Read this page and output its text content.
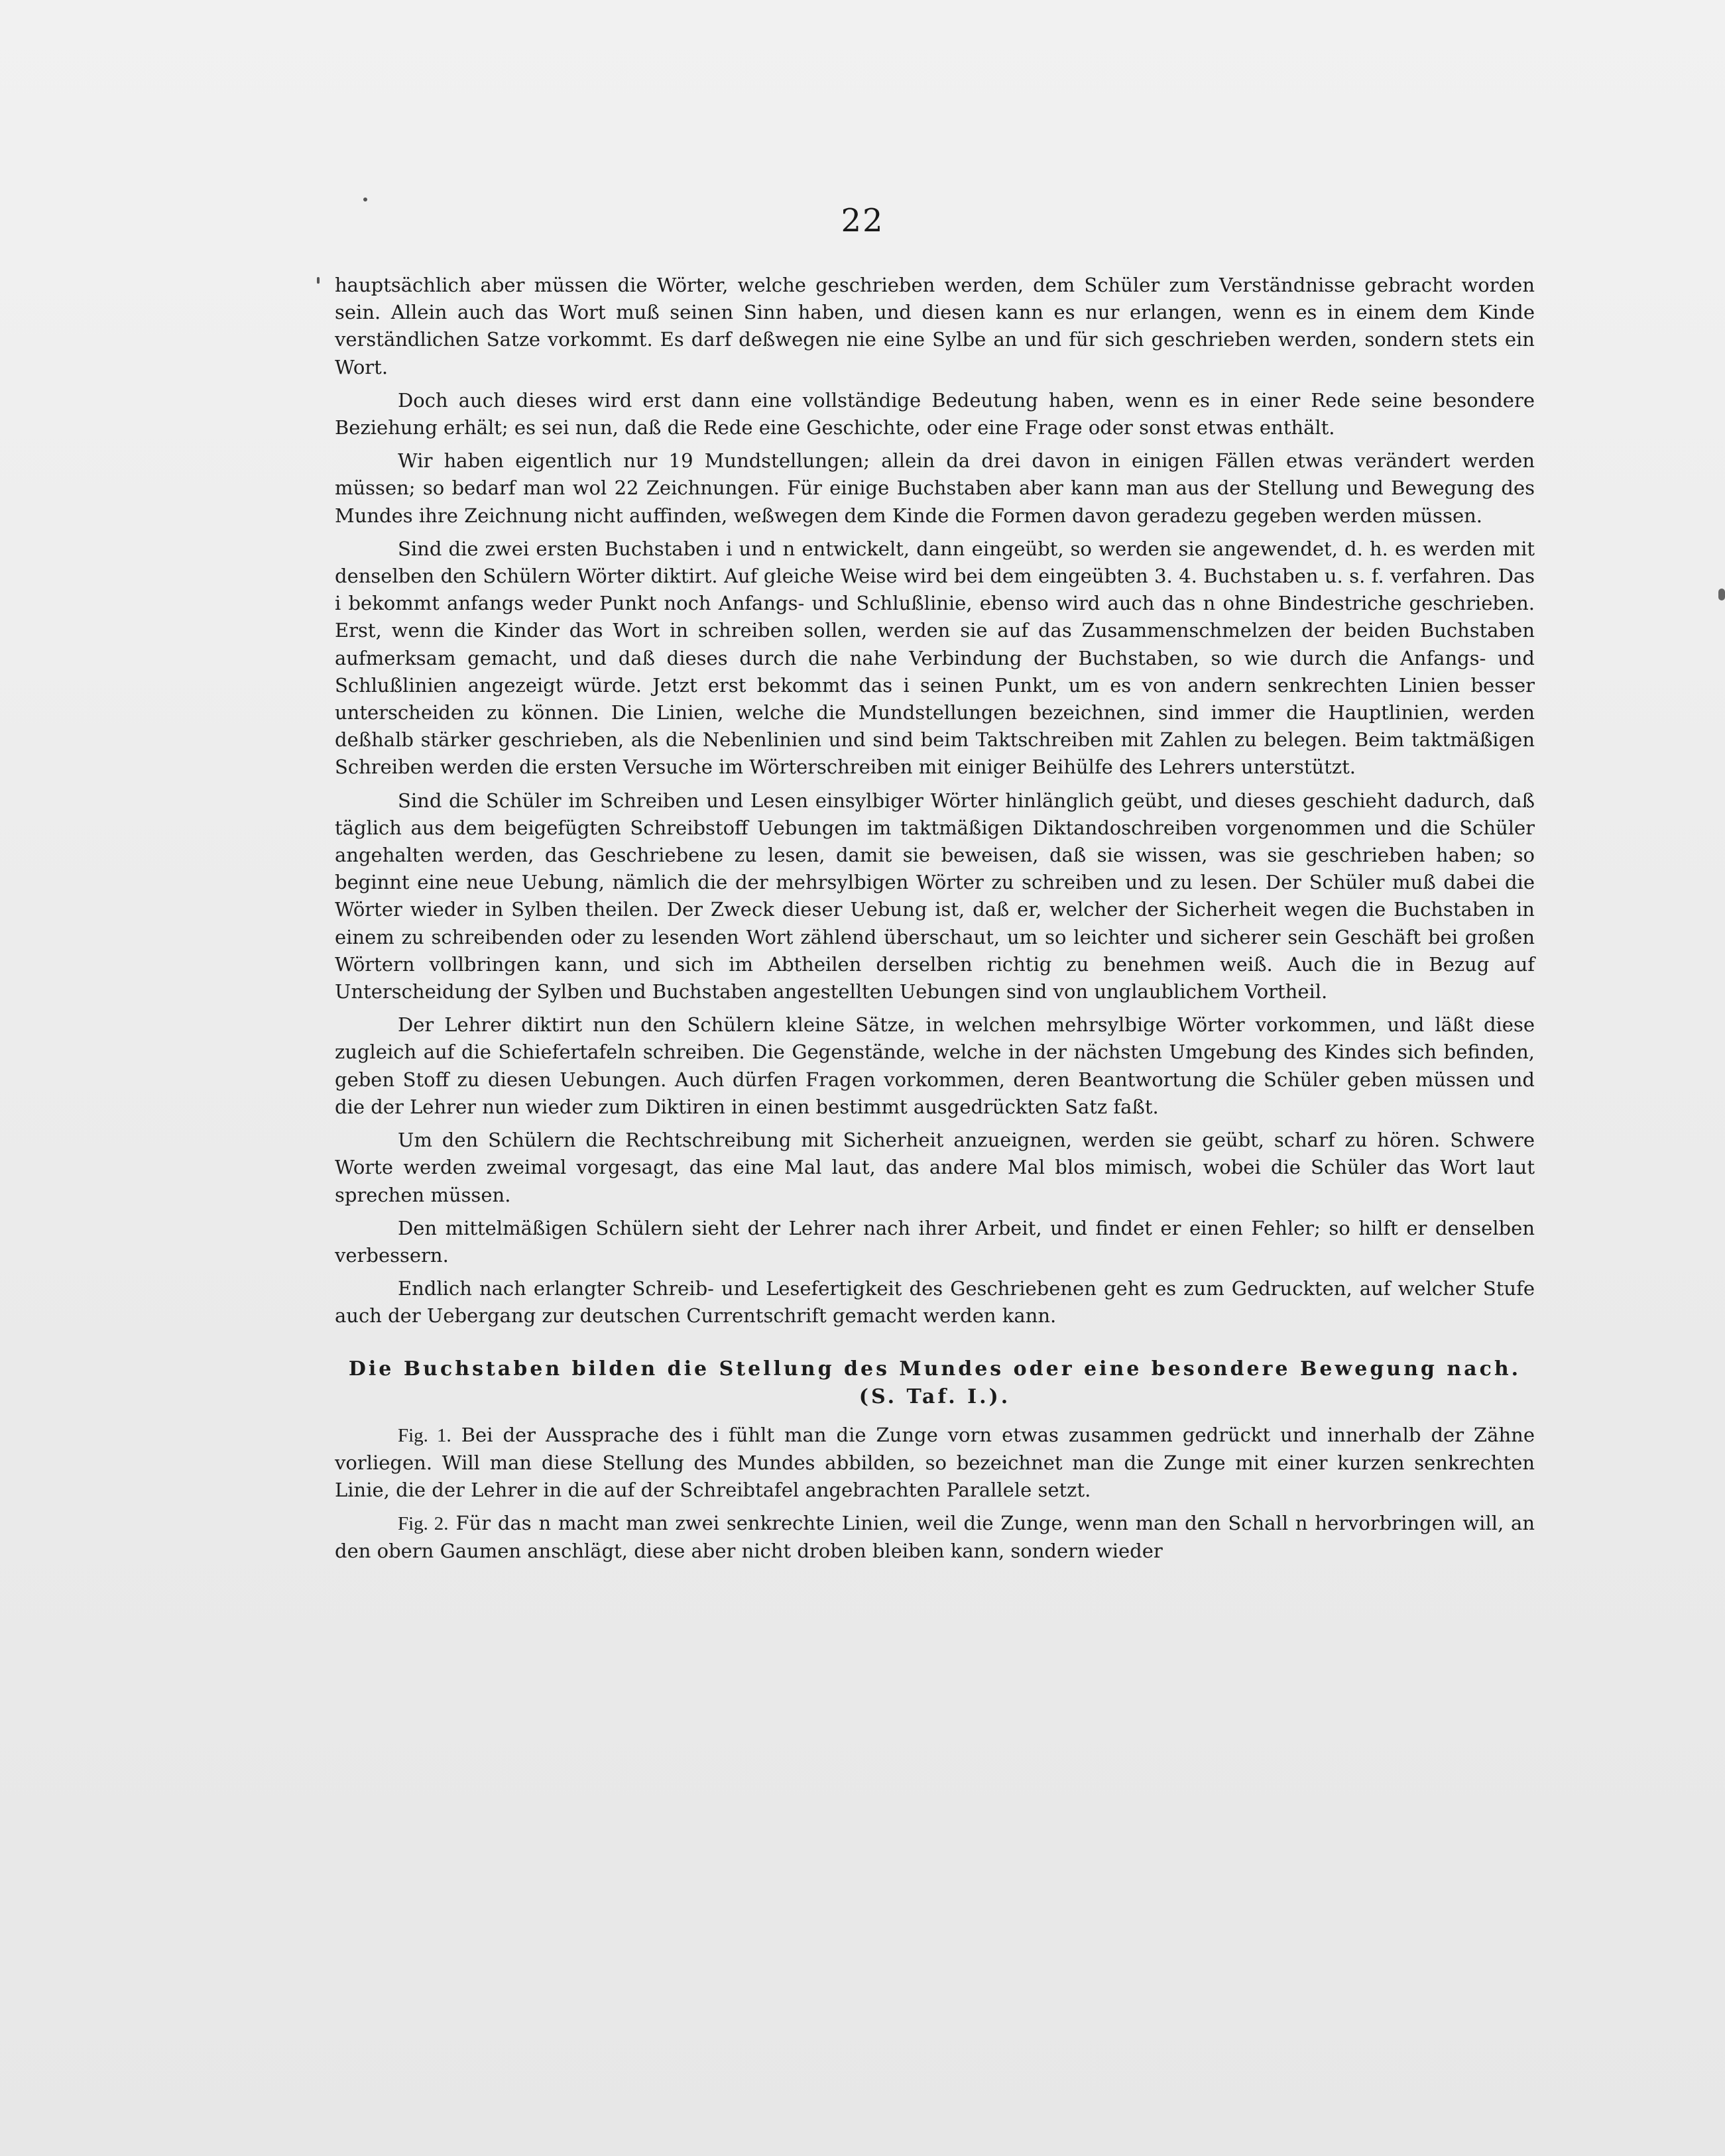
22

hauptsächlich aber müssen die Wörter, welche geschrieben werden, dem Schüler zum Verständnisse gebracht worden sein. Allein auch das Wort muß seinen Sinn haben, und diesen kann es nur erlangen, wenn es in einem dem Kinde verständlichen Satze vorkommt. Es darf deßwegen nie eine Sylbe an und für sich geschrieben werden, sondern stets ein Wort.

Doch auch dieses wird erst dann eine vollständige Bedeutung haben, wenn es in einer Rede seine besondere Beziehung erhält; es sei nun, daß die Rede eine Geschichte, oder eine Frage oder sonst etwas enthält.

Wir haben eigentlich nur 19 Mundstellungen; allein da drei davon in einigen Fällen etwas verändert werden müssen; so bedarf man wol 22 Zeichnungen. Für einige Buchstaben aber kann man aus der Stellung und Bewegung des Mundes ihre Zeichnung nicht auffinden, weßwegen dem Kinde die Formen davon geradezu gegeben werden müssen.

Sind die zwei ersten Buchstaben i und n entwickelt, dann eingeübt, so werden sie angewendet, d. h. es werden mit denselben den Schülern Wörter diktirt. Auf gleiche Weise wird bei dem eingeübten 3. 4. Buchstaben u. s. f. verfahren. Das i bekommt anfangs weder Punkt noch Anfangs- und Schlußlinie, ebenso wird auch das n ohne Bindestriche geschrieben. Erst, wenn die Kinder das Wort in schreiben sollen, werden sie auf das Zusammenschmelzen der beiden Buchstaben aufmerksam gemacht, und daß dieses durch die nahe Verbindung der Buchstaben, so wie durch die Anfangs- und Schlußlinien angezeigt würde. Jetzt erst bekommt das i seinen Punkt, um es von andern senkrechten Linien besser unterscheiden zu können. Die Linien, welche die Mundstellungen bezeichnen, sind immer die Hauptlinien, werden deßhalb stärker geschrieben, als die Nebenlinien und sind beim Taktschreiben mit Zahlen zu belegen. Beim taktmäßigen Schreiben werden die ersten Versuche im Wörterschreiben mit einiger Beihülfe des Lehrers unterstützt.

Sind die Schüler im Schreiben und Lesen einsylbiger Wörter hinlänglich geübt, und dieses geschieht dadurch, daß täglich aus dem beigefügten Schreibstoff Uebungen im taktmäßigen Diktandoschreiben vorgenommen und die Schüler angehalten werden, das Geschriebene zu lesen, damit sie beweisen, daß sie wissen, was sie geschrieben haben; so beginnt eine neue Uebung, nämlich die der mehrsylbigen Wörter zu schreiben und zu lesen. Der Schüler muß dabei die Wörter wieder in Sylben theilen. Der Zweck dieser Uebung ist, daß er, welcher der Sicherheit wegen die Buchstaben in einem zu schreibenden oder zu lesenden Wort zählend überschaut, um so leichter und sicherer sein Geschäft bei großen Wörtern vollbringen kann, und sich im Abtheilen derselben richtig zu benehmen weiß. Auch die in Bezug auf Unterscheidung der Sylben und Buchstaben angestellten Uebungen sind von unglaublichem Vortheil.

Der Lehrer diktirt nun den Schülern kleine Sätze, in welchen mehrsylbige Wörter vorkommen, und läßt diese zugleich auf die Schiefertafeln schreiben. Die Gegenstände, welche in der nächsten Umgebung des Kindes sich befinden, geben Stoff zu diesen Uebungen. Auch dürfen Fragen vorkommen, deren Beantwortung die Schüler geben müssen und die der Lehrer nun wieder zum Diktiren in einen bestimmt ausgedrückten Satz faßt.

Um den Schülern die Rechtschreibung mit Sicherheit anzueignen, werden sie geübt, scharf zu hören. Schwere Worte werden zweimal vorgesagt, das eine Mal laut, das andere Mal blos mimisch, wobei die Schüler das Wort laut sprechen müssen.

Den mittelmäßigen Schülern sieht der Lehrer nach ihrer Arbeit, und findet er einen Fehler; so hilft er denselben verbessern.

Endlich nach erlangter Schreib- und Lesefertigkeit des Geschriebenen geht es zum Gedruckten, auf welcher Stufe auch der Uebergang zur deutschen Currentschrift gemacht werden kann.

Die Buchstaben bilden die Stellung des Mundes oder eine besondere Bewegung nach. (S. Taf. I.).

Fig. 1. Bei der Aussprache des i fühlt man die Zunge vorn etwas zusammen gedrückt und innerhalb der Zähne vorliegen. Will man diese Stellung des Mundes abbilden, so bezeichnet man die Zunge mit einer kurzen senkrechten Linie, die der Lehrer in die auf der Schreibtafel angebrachten Parallele setzt.

Fig. 2. Für das n macht man zwei senkrechte Linien, weil die Zunge, wenn man den Schall n hervorbringen will, an den obern Gaumen anschlägt, diese aber nicht droben bleiben kann, sondern wieder
